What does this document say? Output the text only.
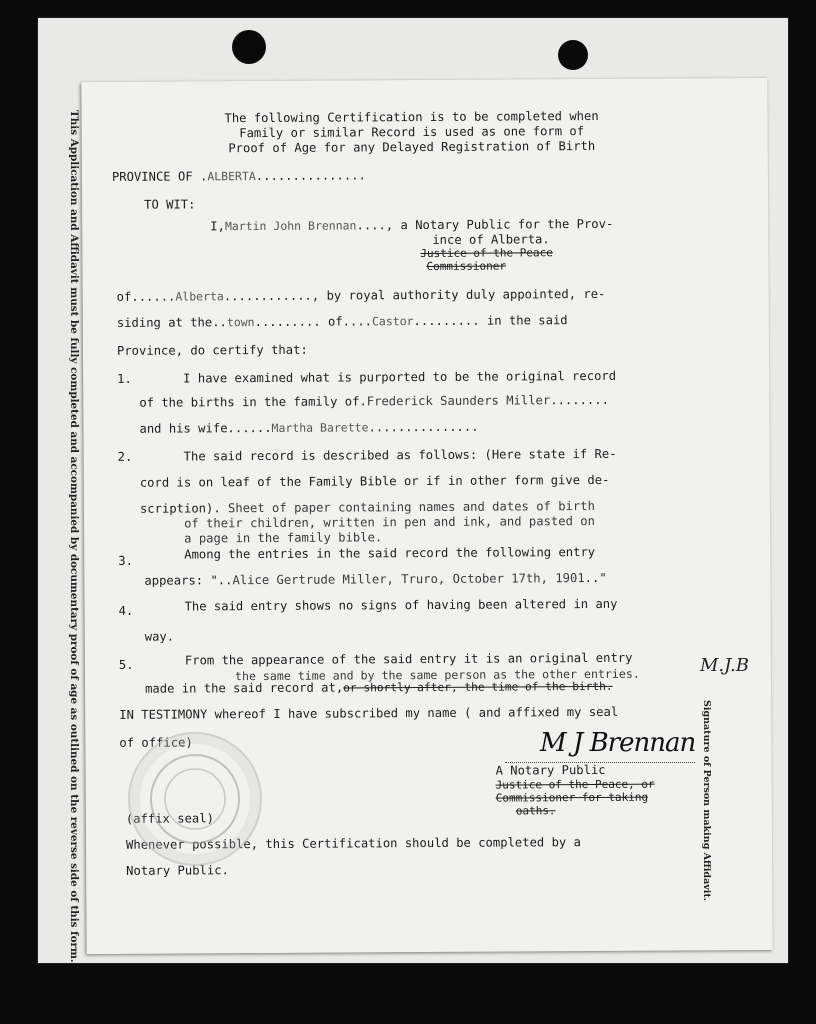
This Application and Affidavit must be fully completed and accompanied by documentary proof of age as outlined on the reverse side of this form.	The following Certification is to be completed when
Family or similar Record is used as one form of
Proof of Age for any Delayed Registration of Birth
PROVINCE OF .ALBERTA...............
TO WIT:
I,Martin John Brennan...., a Notary Public for the Prov-
ince of Alberta.
Justice of the Peace
Commissioner
of......Alberta............, by royal authority duly appointed, re-
siding at the..town......... of....Castor......... in the said
Province, do certify that:
1.	I have examined what is purported to be the original record
of the births in the family of.Frederick Saunders Miller........
and his wife......Martha Barette...............
2.	The said record is described as follows: (Here state if Re-
cord is on leaf of the Family Bible or if in other form give de-
scription). Sheet of paper containing names and dates of birth
of their children, written in pen and ink, and pasted on
a page in the family bible.
3.	Among the entries in the said record the following entry
appears: "..Alice Gertrude Miller, Truro, October 17th, 1901.."
4.	The said entry shows no signs of having been altered in any
way.
5.	From the appearance of the said entry it is an original entry
the same time and by the same person as the other entries.
made in the said record at,or shortly after, the time of the birth.
IN TESTIMONY whereof I have subscribed my name ( and affixed my seal
of office)
A Notary Public
Justice of the Peace, or
Commissioner for taking
oaths.
(affix seal)
Whenever possible, this Certification should be completed by a
Notary Public.
M J Brennan
M.J.B
Signature of Person making Affidavit.
